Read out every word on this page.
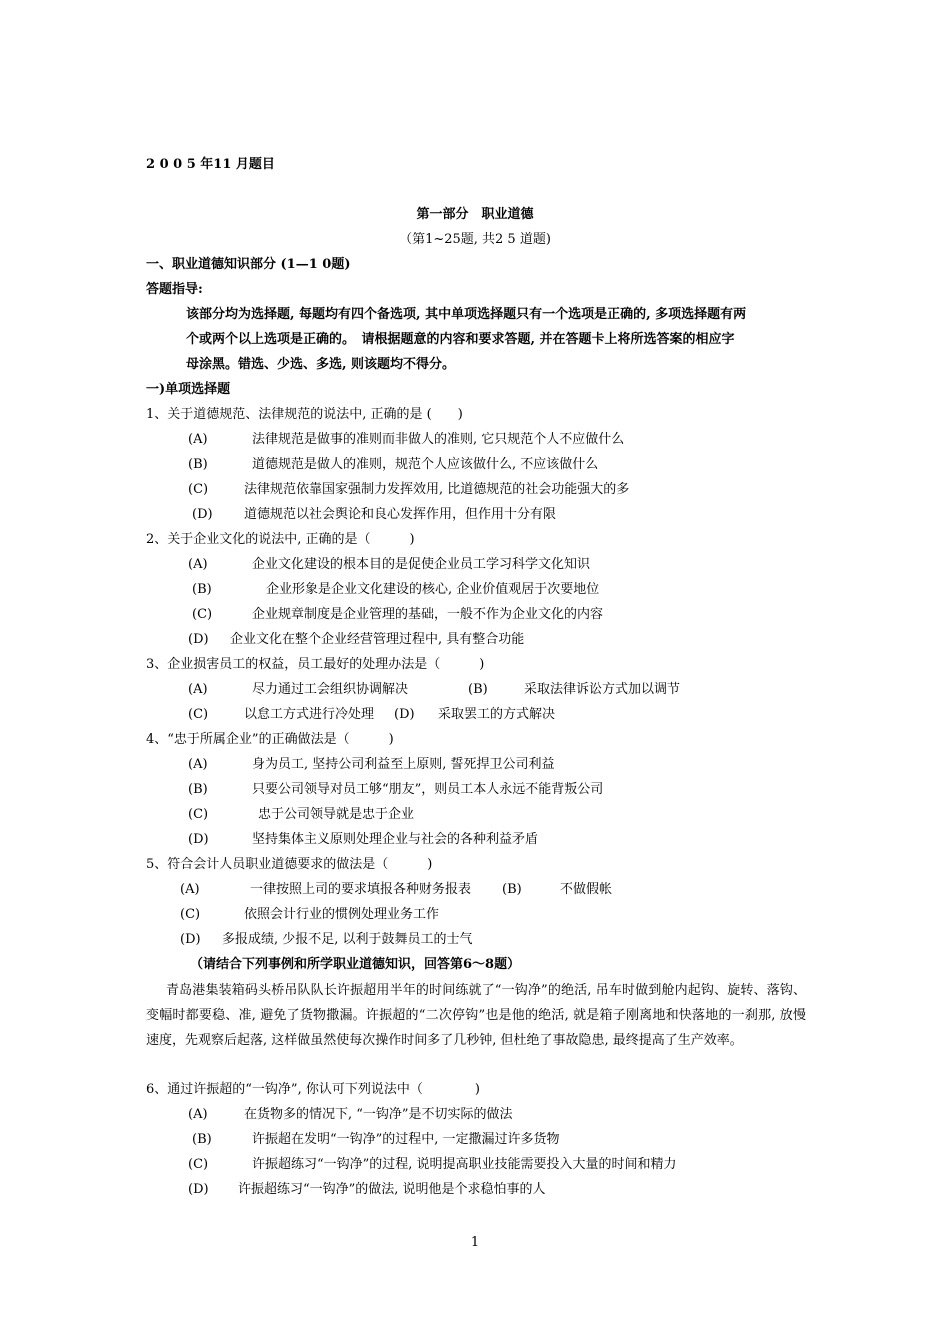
2 0 0 5 年11 月题目
第一部分　职业道德
（第1~25题, 共2 5 道题)
一、职业道德知识部分 (1—1 0题)
答题指导:
该部分均为选择题, 每题均有四个备选项, 其中单项选择题只有一个选项是正确的, 多项选择题有两
个或两个以上选项是正确的。　请根据题意的内容和要求答题, 并在答题卡上将所选答案的相应字
母涂黑。错选、少选、多选, 则该题均不得分。
一)单项选择题
1、关于道德规范、法律规范的说法中, 正确的是 (　　)
(A)	法律规范是做事的准则而非做人的准则, 它只规范个人不应做什么
(B)	道德规范是做人的准则，规范个人应该做什么, 不应该做什么
(C)	法律规范依靠国家强制力发挥效用, 比道德规范的社会功能强大的多
(D) 道德规范以社会舆论和良心发挥作用，但作用十分有限
2、关于企业文化的说法中, 正确的是（　　　)
(A)	企业文化建设的根本目的是促使企业员工学习科学文化知识
(B)	企业形象是企业文化建设的核心, 企业价值观居于次要地位
(C)	企业规章制度是企业管理的基础，一般不作为企业文化的内容
(D) 企业文化在整个企业经营管理过程中, 具有整合功能
3、企业损害员工的权益，员工最好的处理办法是（　　　)
(A)	尽力通过工会组织协调解决	(B)	采取法律诉讼方式加以调节
(C)	以怠工方式进行冷处理 (D) 采取罢工的方式解决
4、“忠于所属企业”的正确做法是（　　　)
(A)	身为员工, 坚持公司利益至上原则, 誓死捍卫公司利益
(B)	只要公司领导对员工够“朋友”，则员工本人永远不能背叛公司
(C)	忠于公司领导就是忠于企业
(D)	坚持集体主义原则处理企业与社会的各种利益矛盾
5、符合会计人员职业道德要求的做法是（　　　)
(A)	一律按照上司的要求填报各种财务报表 (B)	不做假帐
(C)	依照会计行业的惯例处理业务工作
(D) 多报成绩, 少报不足, 以利于鼓舞员工的士气
（请结合下列事例和所学职业道德知识，回答第6～8题）
青岛港集装箱码头桥吊队队长许振超用半年的时间练就了“一钩净”的绝活, 吊车时做到舱内起钩、旋转、落钩、变幅时都要稳、准, 避免了货物撒漏。许振超的“二次停钩”也是他的绝活, 就是箱子刚离地和快落地的一刹那, 放慢速度，先观察后起落, 这样做虽然使每次操作时间多了几秒钟, 但杜绝了事故隐患, 最终提高了生产效率。
6、通过许振超的“一钩净”, 你认可下列说法中（　　　　)
(A)	在货物多的情况下, “一钩净”是不切实际的做法
(B)	许振超在发明“一钩净”的过程中, 一定撒漏过许多货物
(C)	许振超练习“一钩净”的过程, 说明提高职业技能需要投入大量的时间和精力
(D) 许振超练习“一钩净”的做法, 说明他是个求稳怕事的人
1
